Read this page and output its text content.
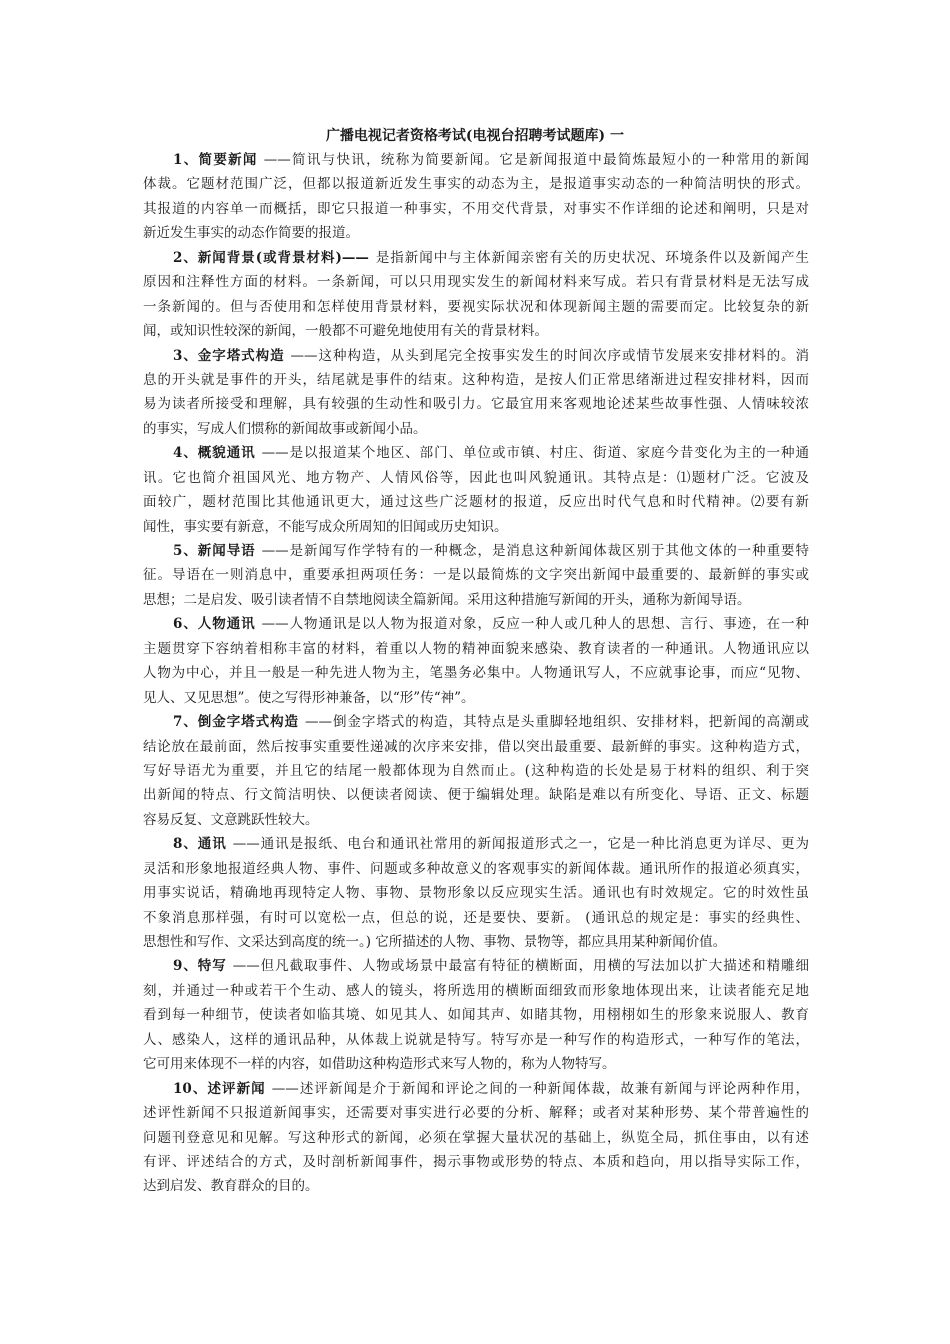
广播电视记者资格考试(电视台招聘考试题库) 一
1、简要新闻 ——简讯与快讯，统称为简要新闻。它是新闻报道中最简炼最短小的一种常用的新闻
体裁。它题材范围广泛，但都以报道新近发生事实的动态为主，是报道事实动态的一种简洁明快的形式。
其报道的内容单一而概括，即它只报道一种事实，不用交代背景，对事实不作详细的论述和阐明，只是对
新近发生事实的动态作简要的报道。
2、新闻背景(或背景材料)—— 是指新闻中与主体新闻亲密有关的历史状况、环境条件以及新闻产生
原因和注释性方面的材料。一条新闻，可以只用现实发生的新闻材料来写成。若只有背景材料是无法写成
一条新闻的。但与否使用和怎样使用背景材料，要视实际状况和体现新闻主题的需要而定。比较复杂的新
闻，或知识性较深的新闻，一般都不可避免地使用有关的背景材料。
3、金字塔式构造 ——这种构造，从头到尾完全按事实发生的时间次序或情节发展来安排材料的。消
息的开头就是事件的开头，结尾就是事件的结束。这种构造，是按人们正常思绪渐进过程安排材料，因而
易为读者所接受和理解，具有较强的生动性和吸引力。它最宜用来客观地论述某些故事性强、人情味较浓
的事实，写成人们惯称的新闻故事或新闻小品。
4、概貌通讯 ——是以报道某个地区、部门、单位或市镇、村庄、街道、家庭今昔变化为主的一种通
讯。它也简介祖国风光、地方物产、人情风俗等，因此也叫风貌通讯。其特点是：⑴题材广泛。它波及
面较广，题材范围比其他通讯更大，通过这些广泛题材的报道，反应出时代气息和时代精神。⑵要有新
闻性，事实要有新意，不能写成众所周知的旧闻或历史知识。
5、新闻导语 ——是新闻写作学特有的一种概念，是消息这种新闻体裁区别于其他文体的一种重要特
征。导语在一则消息中，重要承担两项任务：一是以最简炼的文字突出新闻中最重要的、最新鲜的事实或
思想；二是启发、吸引读者情不自禁地阅读全篇新闻。采用这种措施写新闻的开头，通称为新闻导语。
6、人物通讯 ——人物通讯是以人物为报道对象，反应一种人或几种人的思想、言行、事迹，在一种
主题贯穿下容纳着相称丰富的材料，着重以人物的精神面貌来感染、教育读者的一种通讯。人物通讯应以
人物为中心，并且一般是一种先进人物为主，笔墨务必集中。人物通讯写人，不应就事论事，而应“见物、
见人、又见思想”。使之写得形神兼备，以“形”传“神”。
7、倒金字塔式构造 ——倒金字塔式的构造，其特点是头重脚轻地组织、安排材料，把新闻的高潮或
结论放在最前面，然后按事实重要性递减的次序来安排，借以突出最重要、最新鲜的事实。这种构造方式，
写好导语尤为重要，并且它的结尾一般都体现为自然而止。(这种构造的长处是易于材料的组织、利于突
出新闻的特点、行文简洁明快、以便读者阅读、便于编辑处理。缺陷是难以有所变化、导语、正文、标题
容易反复、文意跳跃性较大。
8、通讯 ——通讯是报纸、电台和通讯社常用的新闻报道形式之一，它是一种比消息更为详尽、更为
灵活和形象地报道经典人物、事件、问题或多种故意义的客观事实的新闻体裁。通讯所作的报道必须真实，
用事实说话，精确地再现特定人物、事物、景物形象以反应现实生活。通讯也有时效规定。它的时效性虽
不象消息那样强，有时可以宽松一点，但总的说，还是要快、要新。 (通讯总的规定是：事实的经典性、
思想性和写作、文采达到高度的统一。) 它所描述的人物、事物、景物等，都应具用某种新闻价值。
9、特写 ——但凡截取事件、人物或场景中最富有特征的横断面，用横的写法加以扩大描述和精雕细
刻，并通过一种或若干个生动、感人的镜头，将所选用的横断面细致而形象地体现出来，让读者能充足地
看到每一种细节，使读者如临其境、如见其人、如闻其声、如睹其物，用栩栩如生的形象来说服人、教育
人、感染人，这样的通讯品种，从体裁上说就是特写。特写亦是一种写作的构造形式，一种写作的笔法，
它可用来体现不一样的内容，如借助这种构造形式来写人物的，称为人物特写。
10、述评新闻 ——述评新闻是介于新闻和评论之间的一种新闻体裁，故兼有新闻与评论两种作用，
述评性新闻不只报道新闻事实，还需要对事实进行必要的分析、解释；或者对某种形势、某个带普遍性的
问题刊登意见和见解。写这种形式的新闻，必须在掌握大量状况的基础上，纵览全局，抓住事由，以有述
有评、评述结合的方式，及时剖析新闻事件，揭示事物或形势的特点、本质和趋向，用以指导实际工作，
达到启发、教育群众的目的。
